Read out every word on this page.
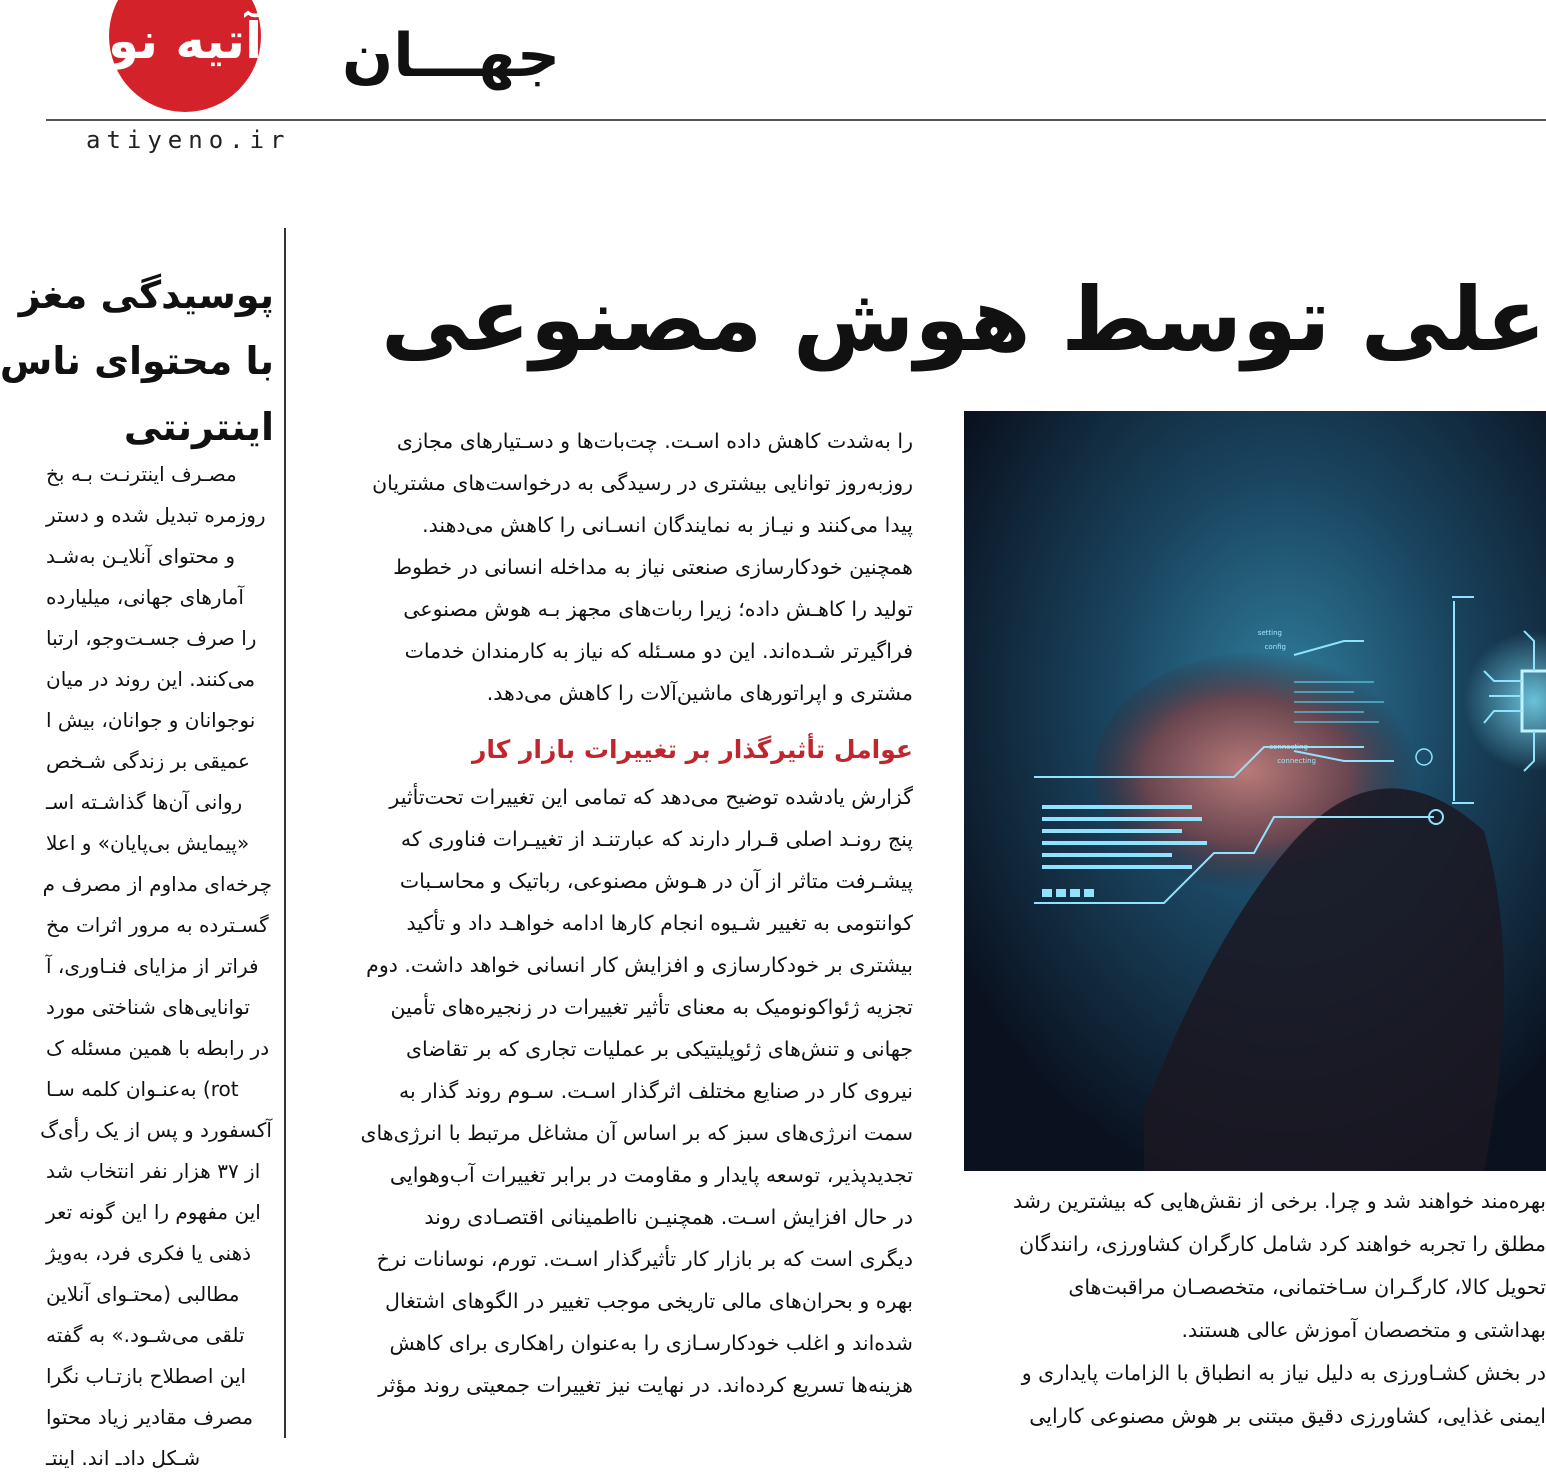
آتیه نو
atiyeno.ir
جهـــان

پوسیدگی مغز

با محتوای ناس

اینترنتی

مصـرف اینترنـت بـه بخ

روزمره تبدیل شده و دستر

و محتوای آنلایـن به‌شـد

آمارهای جهانی، میلیارده

را صرف جسـت‌وجو، ارتبا

می‌کنند. این روند در میان

نوجوانان و جوانان، بیش ا

عمیقی بر زندگی شـخص

روانی آن‌ها گذاشـته اسـ

«پیمایش بی‌پایان» و اعلا

چرخه‌ای مداوم از مصرف م

گسـترده به مرور اثرات مخ

فراتر از مزایای فنـاوری، آ

توانایی‌های شناختی مورد

در رابطه با همین مسئله ک

rot) به‌عنـوان کلمه سـا

آکسفورد و پس از یک رأی‌گ

از ۳۷ هزار نفر انتخاب شد

این مفهوم را این گونه تعر

ذهنی یا فکری فرد، به‌ویژ

مطالبی (محتـوای آنلاین

تلقی می‌شـود.» به گفته

این اصطلاح بازتـاب نگرا

مصرف مقادیر زیاد محتوا

شـکل دادـ اند. اینتـ

علی توسط هوش مصنوعی

را به‌شدت کاهش داده اسـت. چت‌بات‌ها و دسـتیارهای مجازی

روزبه‌روز توانایی بیشتری در رسیدگی به درخواست‌های مشتریان

پیدا می‌کنند و نیـاز به نمایندگان انسـانی را کاهش می‌دهند.

همچنین خودکارسازی صنعتی نیاز به مداخله انسانی در خطوط

تولید را کاهـش داده؛ زیرا ربات‌های مجهز بـه هوش مصنوعی

فراگیرتر شـده‌اند. این دو مسـئله که نیاز به کارمندان خدمات

مشتری و اپراتورهای ماشین‌آلات را کاهش می‌دهد.

عوامل تأثیرگذار بر تغییرات بازار کار

گزارش یادشده توضیح می‌دهد که تمامی این تغییرات تحت‌تأثیر

پنج رونـد اصلی قـرار دارند که عبارتنـد از تغییـرات فناوری که

پیشـرفت متاثر از آن در هـوش مصنوعی، رباتیک و محاسـبات

کوانتومی به تغییر شـیوه انجام کارها ادامه خواهـد داد و تأکید

بیشتری بر خودکارسازی و افزایش کار انسانی خواهد داشت. دوم

تجزیه ژئواکونومیک به معنای تأثیر تغییرات در زنجیره‌های تأمین

جهانی و تنش‌های ژئوپلیتیکی بر عملیات تجاری که بر تقاضای

نیروی کار در صنایع مختلف اثرگذار اسـت. سـوم روند گذار به

سمت انرژی‌های سبز که بر اساس آن مشاغل مرتبط با انرژی‌های

تجدیدپذیر، توسعه پایدار و مقاومت در برابر تغییرات آب‌وهوایی

در حال افزایش اسـت. همچنیـن نااطمینانی اقتصـادی روند

دیگری است که بر بازار کار تأثیرگذار اسـت. تورم، نوسانات نرخ

بهره و بحران‌های مالی تاریخی موجب تغییر در الگوهای اشتغال

شده‌اند و اغلب خودکارسـازی را به‌عنوان راهکاری برای کاهش

هزینه‌ها تسریع کرده‌اند. در نهایت نیز تغییرات جمعیتی روند مؤثر

setting
config
connecting
connecting

بهره‌مند خواهند شد و چرا. برخی از نقش‌هایی که بیشترین رشد

مطلق را تجربه خواهند کرد شامل کارگران کشاورزی، رانندگان

تحویل کالا، کارگـران سـاختمانی، متخصصـان مراقبت‌های

بهداشتی و متخصصان آموزش عالی هستند.

در بخش کشـاورزی به دلیل نیاز به انطباق با الزامات پایداری و

ایمنی غذایی، کشاورزی دقیق مبتنی بر هوش مصنوعی کارایی
